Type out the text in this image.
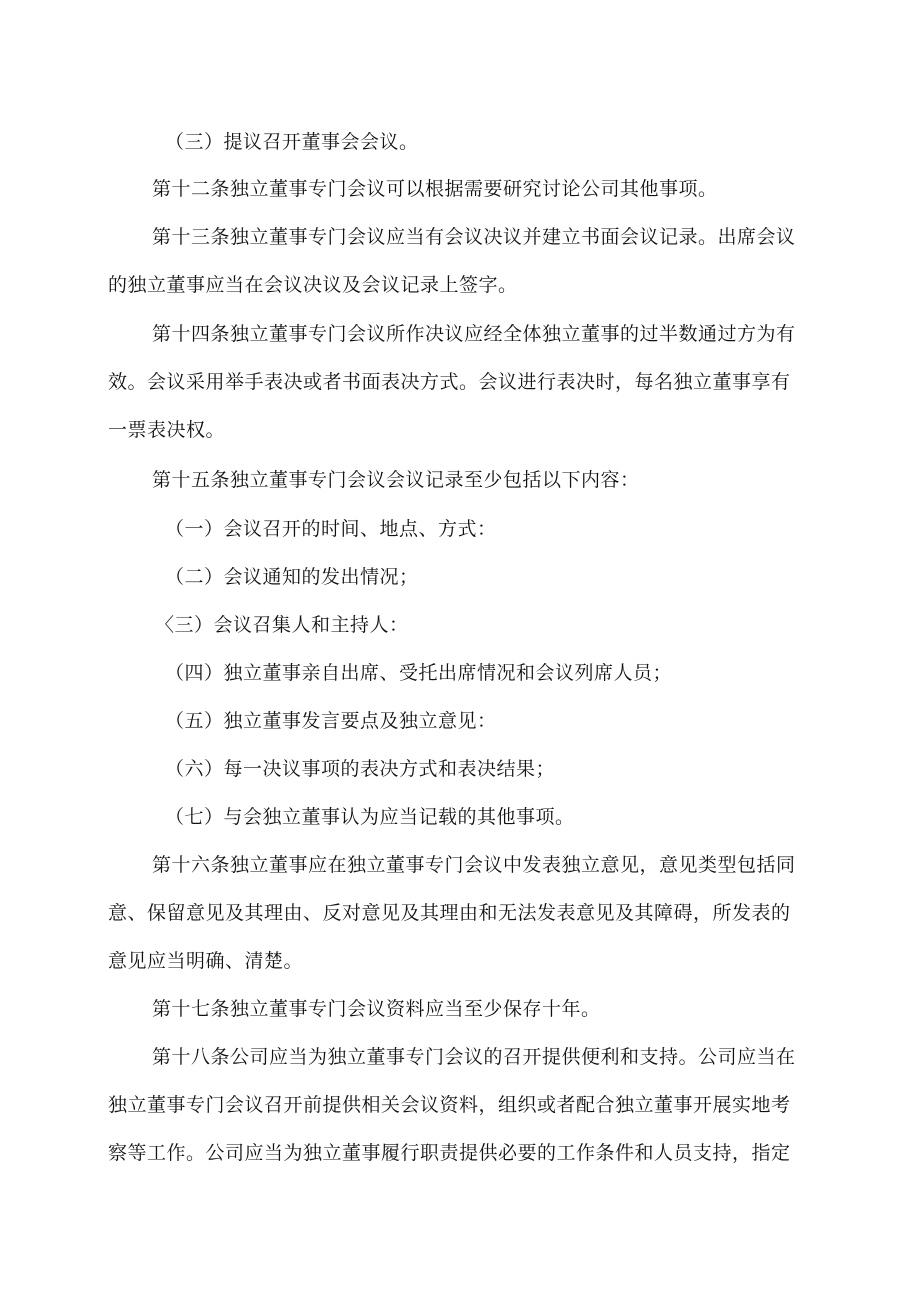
（三）提议召开董事会会议。

第十二条独立董事专门会议可以根据需要研究讨论公司其他事项。

第十三条独立董事专门会议应当有会议决议并建立书面会议记录。出席会议的独立董事应当在会议决议及会议记录上签字。

第十四条独立董事专门会议所作决议应经全体独立董事的过半数通过方为有效。会议采用举手表决或者书面表决方式。会议进行表决时，每名独立董事享有一票表决权。

第十五条独立董事专门会议会议记录至少包括以下内容：

（一）会议召开的时间、地点、方式：

（二）会议通知的发出情况；

〈三）会议召集人和主持人：

（四）独立董事亲自出席、受托出席情况和会议列席人员；

（五）独立董事发言要点及独立意见：

（六）每一决议事项的表决方式和表决结果；

（七）与会独立董事认为应当记载的其他事项。

第十六条独立董事应在独立董事专门会议中发表独立意见，意见类型包括同意、保留意见及其理由、反对意见及其理由和无法发表意见及其障碍，所发表的意见应当明确、清楚。

第十七条独立董事专门会议资料应当至少保存十年。

第十八条公司应当为独立董事专门会议的召开提供便利和支持。公司应当在独立董事专门会议召开前提供相关会议资料，组织或者配合独立董事开展实地考察等工作。公司应当为独立董事履行职责提供必要的工作条件和人员支持，指定
